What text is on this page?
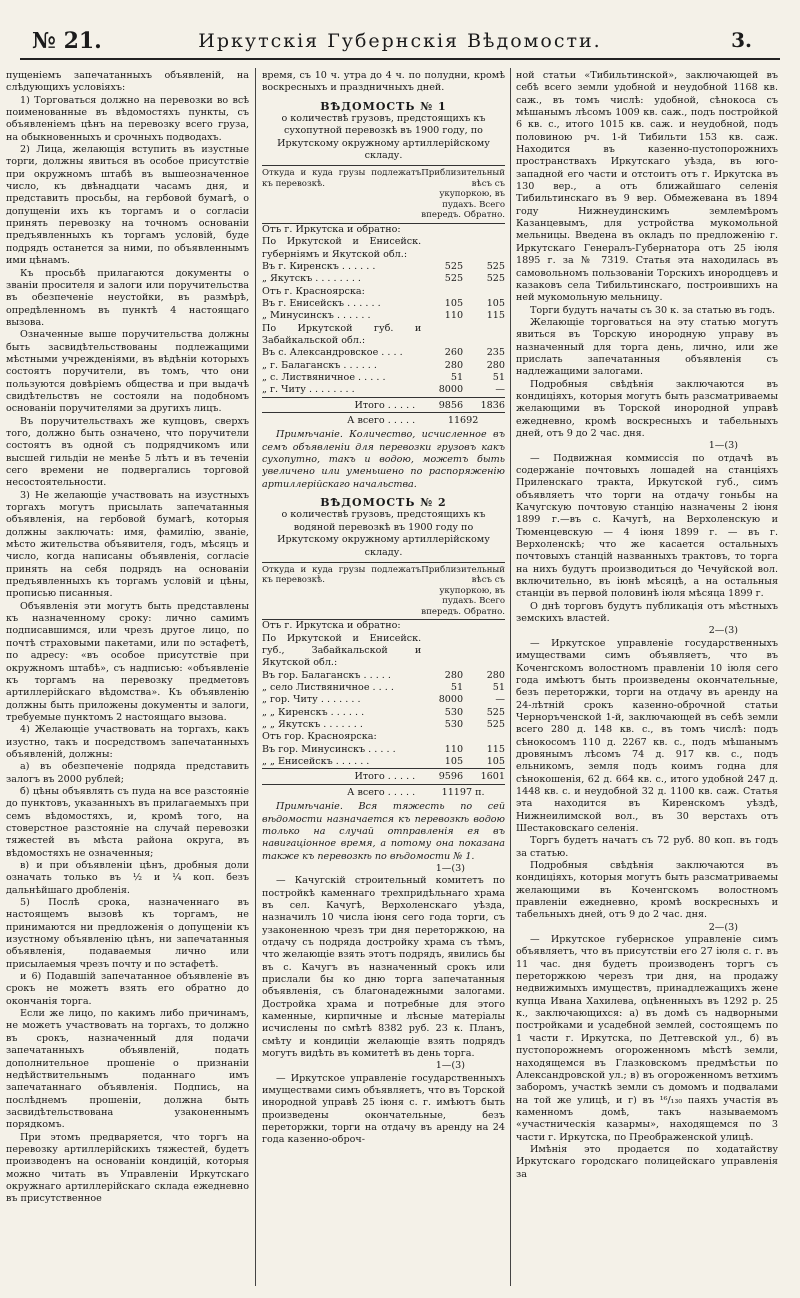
№ 21.	Иркутскія Губернскія Вѣдомости.	3.

пущеніемъ запечатанныхъ объявленій, на слѣдующихъ условіяхъ:

1) Торговаться должно на перевозки во всѣ поименованные въ вѣдомостяхъ пункты, съ объявленіемъ цѣнъ на перевозку всего груза, на обыкновенныхъ и срочныхъ подводахъ.

2) Лица, желающія вступить въ изустные торги, должны явиться въ особое присутствіе при окружномъ штабѣ въ вышеозначенное число, къ двѣнадцати часамъ дня, и представить просьбы, на гербовой бумагѣ, о допущеніи ихъ къ торгамъ и о согласіи принять перевозку на точномъ основаніи предъявленныхъ къ торгамъ условій, буде подрядъ останется за ними, по объявленнымъ ими цѣнамъ.

Къ просьбѣ прилагаются документы о званіи просителя и залоги или поручительства въ обезпеченіе неустойки, въ размѣрѣ, опредѣленномъ въ пунктѣ 4 настоящаго вызова.

Означенные выше поручительства должны быть засвидѣтельствованы подлежащими мѣстными учрежденіями, въ вѣдѣніи которыхъ состоятъ поручители, въ томъ, что они пользуются довѣріемъ общества и при выдачѣ свидѣтельствъ не состояли на подобномъ основаніи поручителями за другихъ лицъ.

Въ поручительствахъ же купцовъ, сверхъ того, должно быть означено, что поручители состоятъ въ одной съ подрядчикомъ или высшей гильдіи не менѣе 5 лѣтъ и въ теченіи сего времени не подвергались торговой несостоятельности.

3) Не желающіе участвовать на изустныхъ торгахъ могутъ присылать запечатанныя объявленія, на гербовой бумагѣ, которыя должны заключать: имя, фамилію, званіе, мѣсто жительства объявителя, годъ, мѣсяцъ и число, когда написаны объявленія, согласіе принять на себя подрядъ на основаніи предъявленныхъ къ торгамъ условій и цѣны, прописью писанныя.

Объявленія эти могутъ быть представлены къ назначенному сроку: лично самимъ подписавшимся, или чрезъ другое лицо, по почтѣ страховыми пакетами, или по эстафетѣ, по адресу: «въ особое присутствіе при окружномъ штабѣ», съ надписью: «объявленіе къ торгамъ на перевозку предметовъ артиллерійскаго вѣдомства». Къ объявленію должны быть приложены документы и залоги, требуемые пунктомъ 2 настоящаго вызова.

4) Желающіе участвовать на торгахъ, какъ изустно, такъ и посредствомъ запечатанныхъ объявленій, должны:

а) въ обезпеченіе подряда представить залогъ въ 2000 рублей;

б) цѣны объявлять съ пуда на все разстояніе до пунктовъ, указанныхъ въ прилагаемыхъ при семъ вѣдомостяхъ, и, кромѣ того, на стоверстное разстояніе на случай перевозки тяжестей въ мѣста района округа, въ вѣдомостяхъ не означенныя;

в) и при объявленіи цѣнъ, дробныя доли означать только въ ½ и ¼ коп. безъ дальнѣйшаго дробленія.

5) Послѣ срока, назначеннаго въ настоящемъ вызовѣ къ торгамъ, не принимаются ни предложенія о допущеніи къ изустному объявленію цѣнъ, ни запечатанныя объявленія, подаваемыя лично или присылаемыя чрезъ почту и по эстафетѣ.

и 6) Подавшій запечатанное объявленіе въ срокъ не можетъ взять его обратно до окончанія торга.

Если же лицо, по какимъ либо причинамъ, не можетъ участвовать на торгахъ, то должно въ срокъ, назначенный для подачи запечатанныхъ объявленій, подать дополнительное прошеніе о признаніи недѣйствительнымъ поданнаго имъ запечатаннаго объявленія. Подпись, на послѣднемъ прошеніи, должна быть засвидѣтельствована узаконеннымъ порядкомъ.

При этомъ предваряется, что торгъ на перевозку артиллерійскихъ тяжестей, будетъ производенъ на основаніи кондицій, которыя можно читать въ Управленіи Иркутскаго окружнаго артиллерійскаго склада ежедневно въ присутственное

время, съ 10 ч. утра до 4 ч. по полудни, кромѣ воскресныхъ и праздничныхъ дней.

ВѢДОМОСТЬ № 1

о количествѣ грузовъ, предстоящихъ къ сухопутной перевозкѣ въ 1900 году, по Иркутскому окружному артиллерійскому складу.

Откуда и куда грузы подлежатъ къ перевозкѣ.	Приблизительный вѣсъ съ укупоркою, въ пудахъ. Всего впередъ. Обратно.	
Отъ г. Иркутска и обратно:		
По Иркутской и Енисейск. губерніямъ и Якутской обл.:		
Въ г. Киренскъ . . . . . .	525	525
„ Якутскъ . . . . . . . .	525	525
Отъ г. Красноярска:		
Въ г. Енисейскъ . . . . . .	105	105
„ Минусинскъ . . . . . .	110	115
По Иркутской губ. и Забайкальской обл.:		
Въ с. Александровское . . . .	260	235
„ г. Балаганскъ . . . . . .	280	280
„ с. Листвяничное . . . . .	51	51
„ г. Читу . . . . . . . .	8000	—
Итого . . . . .	9856	1836
А всего . . . . .	11692	

Примѣчаніе. Количество, исчисленное въ семъ объявленіи для перевозки грузовъ какъ сухопутно, такъ и водою, можетъ быть увеличено или уменьшено по распоряженію артиллерійскаго начальства.

ВѢДОМОСТЬ № 2

о количествѣ грузовъ, предстоящихъ къ водяной перевозкѣ въ 1900 году по Иркутскому окружному артиллерійскому складу.

Откуда и куда грузы подлежатъ къ перевозкѣ.	Приблизительный вѣсъ съ укупоркою, въ пудахъ. Всего впередъ. Обратно.	
Отъ г. Иркутска и обратно:		
По Иркутской и Енисейск. губ., Забайкальской и Якутской обл.:		
Въ гор. Балаганскъ . . . . .	280	280
„ село Листвяничное . . . .	51	51
„ гор. Читу . . . . . . .	8000	—
„ „ Киренскъ . . . . . .	530	525
„ „ Якутскъ . . . . . . .	530	525
Отъ гор. Красноярска:		
Въ гор. Минусинскъ . . . . .	110	115
„ „ Енисейскъ . . . . . .	105	105
Итого . . . . .	9596	1601
А всего . . . . .	11197 п.	

Примѣчаніе. Вся тяжесть по сей вѣдомости назначается къ перевозкѣ водою только на случай отправленія ея въ навигаціонное время, а потому она показана также къ перевозкѣ по вѣдомости № 1.

1—(3)

— Качугскій строительный комитетъ по постройкѣ каменнаго трехпридѣльнаго храма въ сел. Качугѣ, Верхоленскаго уѣзда, назначилъ 10 числа іюня сего года торги, съ узаконенною чрезъ три дня переторжкою, на отдачу съ подряда достройку храма съ тѣмъ, что желающіе взять этотъ подрядъ, явились бы въ с. Качугъ въ назначенный срокъ или прислали бы ко дню торга запечатанныя объявленія, съ благонадежными залогами. Достройка храма и потребные для этого каменные, кирпичные и лѣсные матеріалы исчислены по смѣтѣ 8382 руб. 23 к. Планъ, смѣту и кондиціи желающіе взять подрядъ могутъ видѣть въ комитетѣ въ день торга.

1—(3)

— Иркутское управленіе государственныхъ имуществами симъ объявляетъ, что въ Торской инородной управѣ 25 іюня с. г. имѣютъ быть произведены окончательные, безъ переторжки, торги на отдачу въ аренду на 24 года казенно-оброч-

ной статьи «Тибильтинской», заключающей въ себѣ всего земли удобной и неудобной 1168 кв. саж., въ томъ числѣ: удобной, сѣнокоса съ мѣшанымъ лѣсомъ 1009 кв. саж., подъ постройкой 6 кв. с., итого 1015 кв. саж. и неудобной, подъ половиною рч. 1-й Тибильти 153 кв. саж. Находится въ казенно-пустопорожнихъ пространствахъ Иркутскаго уѣзда, въ юго-западной его части и отстоитъ отъ г. Иркутска въ 130 вер., а отъ ближайшаго селенія Тибильтинскаго въ 9 вер. Обмежевана въ 1894 году Нижнеудинскимъ землемѣромъ Казанцевымъ, для устройства мукомольной мельницы. Введена въ окладъ по предложенію г. Иркутскаго Генералъ-Губернатора отъ 25 іюля 1895 г. за № 7319. Статья эта находилась въ самовольномъ пользованіи Торскихъ инородцевъ и казаковъ села Тибильтинскаго, построившихъ на ней мукомольную мельницу.

Торги будутъ начаты съ 30 к. за статью въ годъ.

Желающіе торговаться на эту статью могутъ явиться въ Торскую инородную управу въ назначенный для торга день, лично, или же прислать запечатанныя объявленія съ надлежащими залогами.

Подробныя свѣдѣнія заключаются въ кондиціяхъ, которыя могутъ быть разсматриваемы желающими въ Торской инородной управѣ ежедневно, кромѣ воскресныхъ и табельныхъ дней, отъ 9 до 2 час. дня.

1—(3)

— Подвижная коммиссія по отдачѣ въ содержаніе почтовыхъ лошадей на станціяхъ Приленскаго тракта, Иркутской губ., симъ объявляетъ что торги на отдачу гоньбы на Качугскую почтовую станцію назначены 2 іюня 1899 г.—въ с. Качугѣ, на Верхоленскую и Тюменцевскую — 4 іюня 1899 г. — въ г. Верхоленскѣ; что же касается остальныхъ почтовыхъ станцій названныхъ трактовъ, то торга на нихъ будутъ производиться до Чечуйской вол. включительно, въ іюнѣ мѣсяцѣ, а на остальныя станціи въ первой половинѣ іюля мѣсяца 1899 г.

О днѣ торговъ будутъ публикація отъ мѣстныхъ земскихъ властей.

2—(3)

— Иркутское управленіе государственныхъ имуществами симъ объявляетъ, что въ Коченгскомъ волостномъ правленіи 10 іюля сего года имѣютъ быть произведены окончательные, безъ переторжки, торги на отдачу въ аренду на 24-лѣтній срокъ казенно-оброчной статьи Черноръченской 1-й, заключающей въ себѣ земли всего 280 д. 148 кв. с., въ томъ числѣ: подъ сѣнокосомъ 110 д. 2267 кв. с., подъ мѣшанымъ дровянымъ лѣсомъ 74 д. 917 кв. с., подъ ельникомъ, земля подъ коимъ годна для сѣнокошенія, 62 д. 664 кв. с., итого удобной 247 д. 1448 кв. с. и неудобной 32 д. 1100 кв. саж. Статья эта находится въ Киренскомъ уѣздѣ, Нижнеилимской вол., въ 30 верстахъ отъ Шестаковскаго селенія.

Торгъ будетъ начатъ съ 72 руб. 80 коп. въ годъ за статью.

Подробныя свѣдѣнія заключаются въ кондиціяхъ, которыя могутъ быть разсматриваемы желающими въ Коченгскомъ волостномъ правленіи ежедневно, кромѣ воскресныхъ и табельныхъ дней, отъ 9 до 2 час. дня.

2—(3)

— Иркутское губернское управленіе симъ объявляетъ, что въ присутствіи его 27 іюля с. г. въ 11 час. дня будетъ производенъ торгъ съ переторжкою черезъ три дня, на продажу недвижимыхъ имуществъ, принадлежащихъ жене купца Ивана Хахилева, оцѣненныхъ въ 1292 р. 25 к., заключающихся: а) въ домѣ съ надворными постройками и усадебной землей, состоящемъ по 1 части г. Иркутска, по Детгевской ул., б) въ пустопорожнемъ огороженномъ мѣстѣ земли, находящемся въ Глазковскомъ предмѣстьи по Александровской ул.; в) въ огороженномъ ветхимъ заборомъ, участкѣ земли съ домомъ и подвалами на той же улицѣ, и г) въ ¹⁶/₁₃₀ паяхъ участія въ каменномъ домѣ, такъ называемомъ «участническія казармы», находящемся по 3 части г. Иркутска, по Преображенской улицѣ.

Имѣнія это продается по ходатайству Иркутскаго городскаго полицейскаго управленія за
